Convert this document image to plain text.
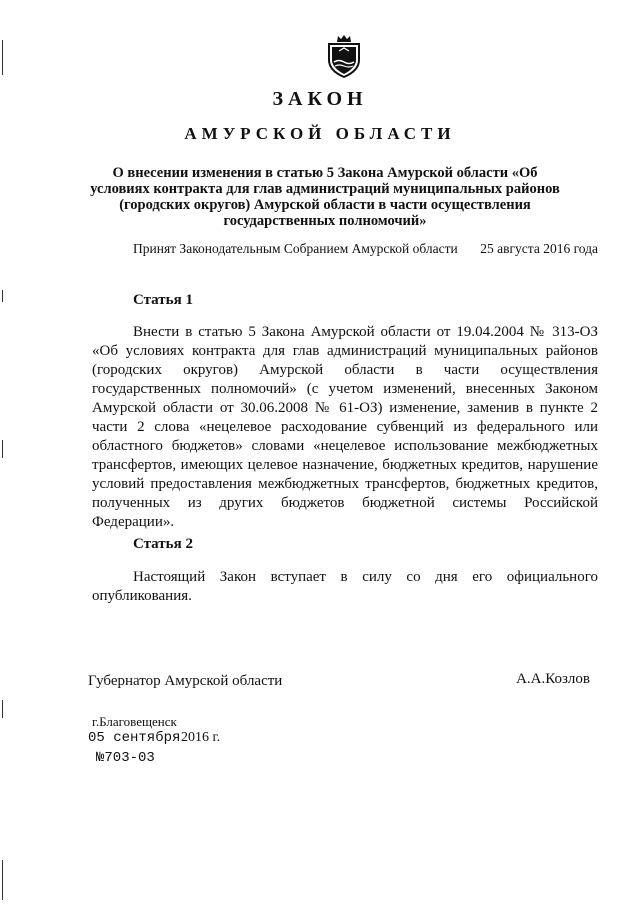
ЗАКОН
АМУРСКОЙ ОБЛАСТИ
О внесении изменения в статью 5 Закона Амурской области «Об условиях контракта для глав администраций муниципальных районов (городских округов) Амурской области в части осуществления государственных полномочий»
Принят Законодательным Собранием Амурской области 25 августа 2016 года
Статья 1
Внести в статью 5 Закона Амурской области от 19.04.2004 № 313-ОЗ «Об условиях контракта для глав администраций муниципальных районов (городских округов) Амурской области в части осуществления государственных полномочий» (с учетом изменений, внесенных Законом Амурской области от 30.06.2008 № 61-ОЗ) изменение, заменив в пункте 2 части 2 слова «нецелевое расходование субвенций из федерального или областного бюджетов» словами «нецелевое использование межбюджетных трансфертов, имеющих целевое назначение, бюджетных кредитов, нарушение условий предоставления межбюджетных трансфертов, бюджетных кредитов, полученных из других бюджетов бюджетной системы Российской Федерации».
Статья 2
Настоящий Закон вступает в силу со дня его официального опубликования.
Губернатор Амурской области	А.А.Козлов
г.Благовещенск
05 сентября 2016 г.
№703-03
